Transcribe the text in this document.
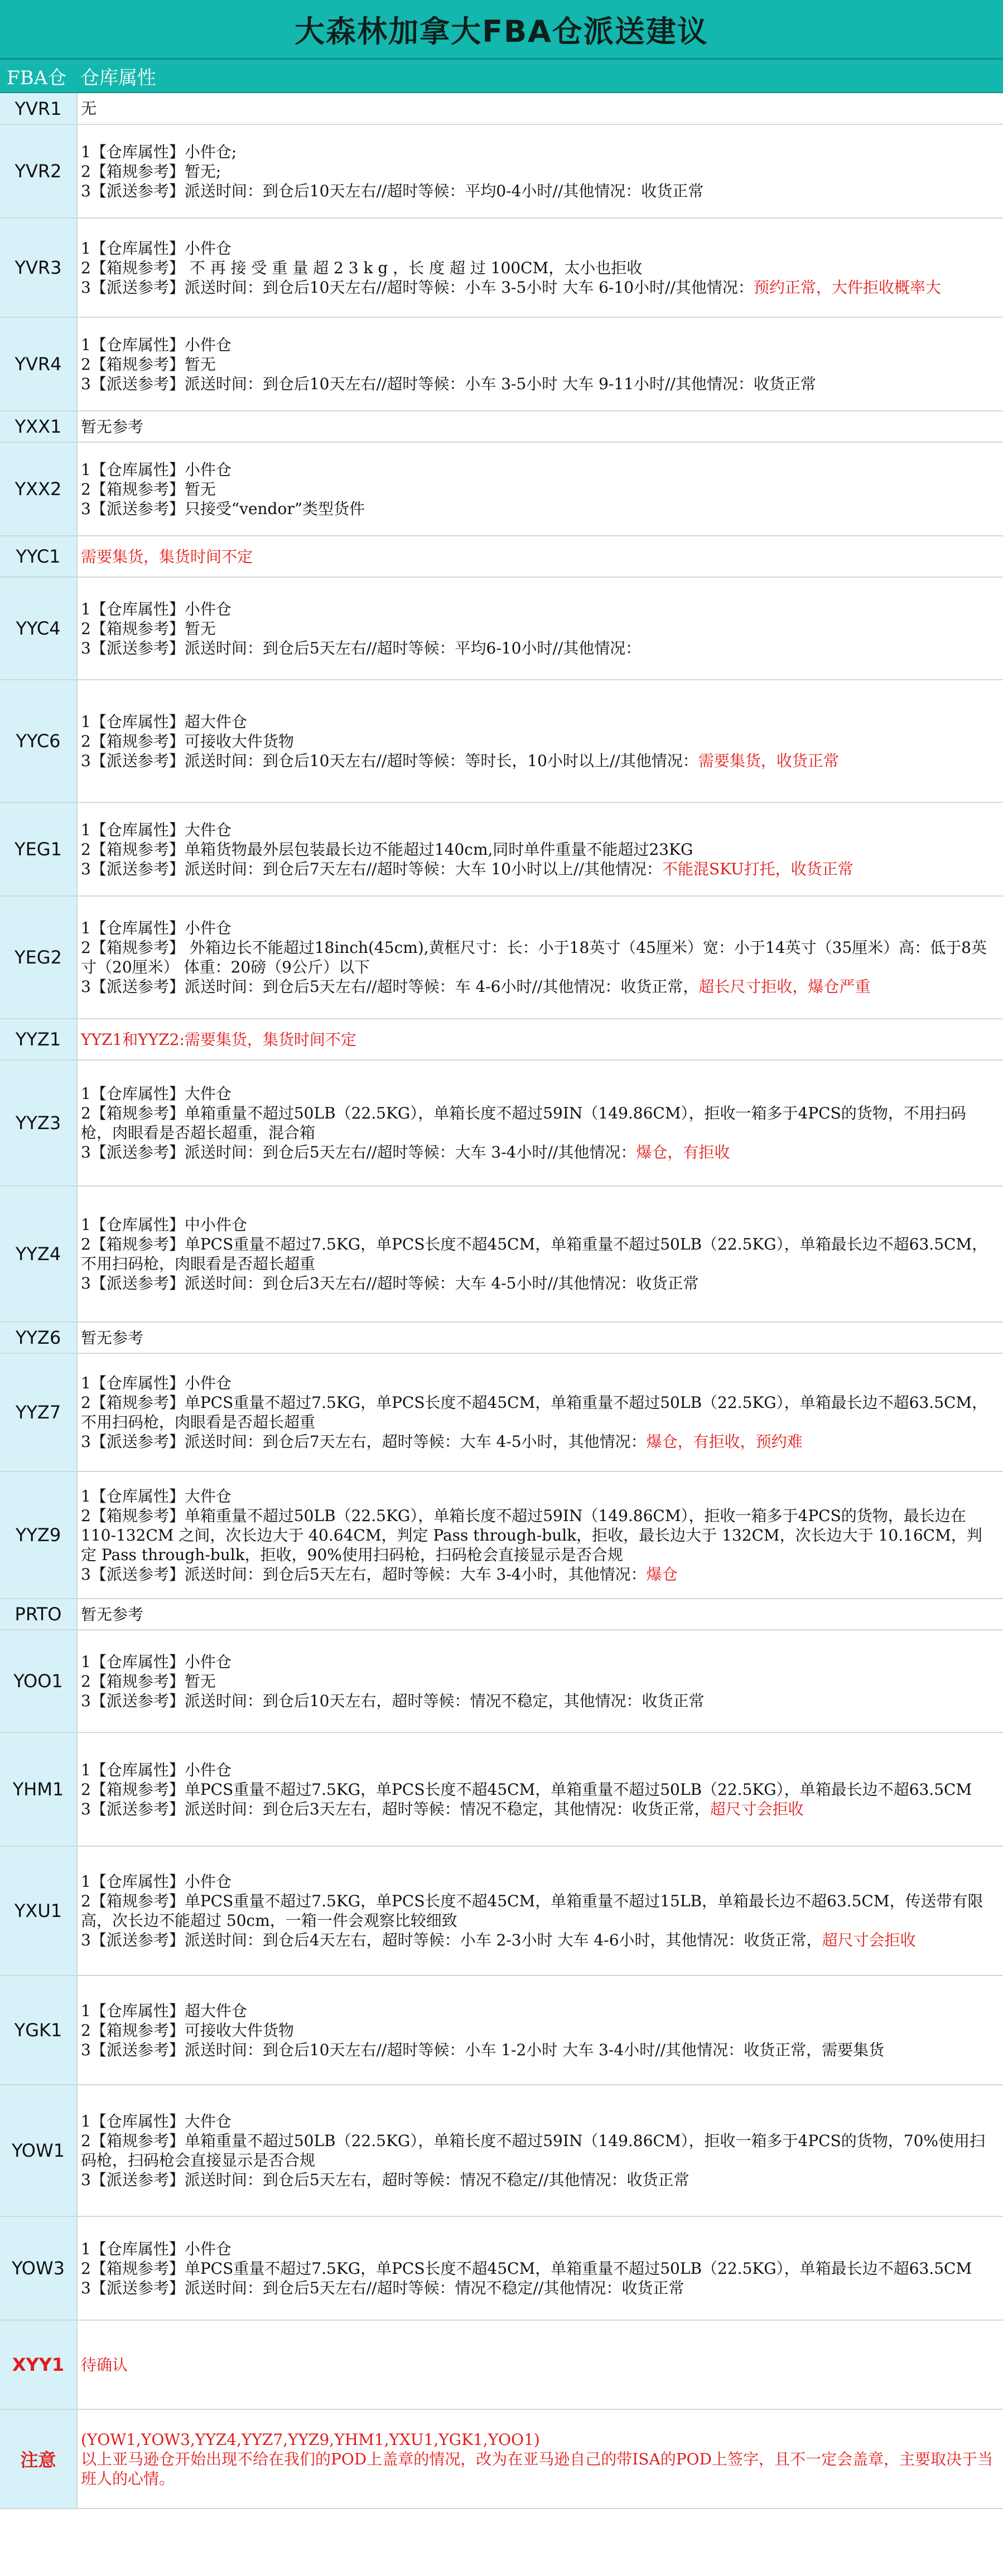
大森林加拿大FBA仓派送建议
FBA仓 仓库属性
YVR1	无

YVR2	1【仓库属性】小件仓;
2【箱规参考】暂无;
3【派送参考】派送时间：到仓后10天左右//超时等候：平均0-4小时//其他情况：收货正常

YVR3	1【仓库属性】小件仓
2【箱规参考】 不 再 接 受 重 量 超 2 3 k g ，长 度 超 过 100CM，太小也拒收
3【派送参考】派送时间：到仓后10天左右//超时等候：小车 3-5小时 大车 6-10小时//其他情况：预约正常，大件拒收概率大

YVR4	1【仓库属性】小件仓
2【箱规参考】暂无
3【派送参考】派送时间：到仓后10天左右//超时等候：小车 3-5小时 大车 9-11小时//其他情况：收货正常

YXX1	暂无参考

YXX2	1【仓库属性】小件仓
2【箱规参考】暂无
3【派送参考】只接受“vendor”类型货件

YYC1	需要集货，集货时间不定

YYC4	1【仓库属性】小件仓
2【箱规参考】暂无
3【派送参考】派送时间：到仓后5天左右//超时等候：平均6-10小时//其他情况：

YYC6	1【仓库属性】超大件仓
2【箱规参考】可接收大件货物
3【派送参考】派送时间：到仓后10天左右//超时等候：等时长，10小时以上//其他情况：需要集货，收货正常

YEG1	1【仓库属性】大件仓
2【箱规参考】单箱货物最外层包装最长边不能超过140cm,同时单件重量不能超过23KG
3【派送参考】派送时间：到仓后7天左右//超时等候：大车 10小时以上//其他情况：不能混SKU打托，收货正常

YEG2	1【仓库属性】小件仓
2【箱规参考】 外箱边长不能超过18inch(45cm),黄框尺寸：长：小于18英寸（45厘米）宽：小于14英寸（35厘米）高：低于8英寸（20厘米） 体重：20磅（9公斤）以下
3【派送参考】派送时间：到仓后5天左右//超时等候：车 4-6小时//其他情况：收货正常，超长尺寸拒收，爆仓严重

YYZ1	YYZ1和YYZ2:需要集货，集货时间不定

YYZ3	1【仓库属性】大件仓
2【箱规参考】单箱重量不超过50LB（22.5KG），单箱长度不超过59IN（149.86CM），拒收一箱多于4PCS的货物，不用扫码枪，肉眼看是否超长超重，混合箱
3【派送参考】派送时间：到仓后5天左右//超时等候：大车 3-4小时//其他情况：爆仓，有拒收

YYZ4	1【仓库属性】中小件仓
2【箱规参考】单PCS重量不超过7.5KG，单PCS长度不超45CM，单箱重量不超过50LB（22.5KG），单箱最长边不超63.5CM，不用扫码枪，肉眼看是否超长超重
3【派送参考】派送时间：到仓后3天左右//超时等候：大车 4-5小时//其他情况：收货正常

YYZ6	暂无参考

YYZ7	1【仓库属性】小件仓
2【箱规参考】单PCS重量不超过7.5KG，单PCS长度不超45CM，单箱重量不超过50LB（22.5KG），单箱最长边不超63.5CM，不用扫码枪，肉眼看是否超长超重
3【派送参考】派送时间：到仓后7天左右，超时等候：大车 4-5小时，其他情况：爆仓，有拒收，预约难

YYZ9	1【仓库属性】大件仓
2【箱规参考】单箱重量不超过50LB（22.5KG），单箱长度不超过59IN（149.86CM），拒收一箱多于4PCS的货物，最长边在 110-132CM 之间，次长边大于 40.64CM，判定 Pass through-bulk，拒收，最长边大于 132CM，次长边大于 10.16CM，判定 Pass through-bulk，拒收，90%使用扫码枪，扫码枪会直接显示是否合规
3【派送参考】派送时间：到仓后5天左右，超时等候：大车 3-4小时，其他情况：爆仓

PRTO	暂无参考

YOO1	1【仓库属性】小件仓
2【箱规参考】暂无
3【派送参考】派送时间：到仓后10天左右，超时等候：情况不稳定，其他情况：收货正常

YHM1	1【仓库属性】小件仓
2【箱规参考】单PCS重量不超过7.5KG，单PCS长度不超45CM，单箱重量不超过50LB（22.5KG），单箱最长边不超63.5CM
3【派送参考】派送时间：到仓后3天左右，超时等候：情况不稳定，其他情况：收货正常，超尺寸会拒收

YXU1	1【仓库属性】小件仓
2【箱规参考】单PCS重量不超过7.5KG，单PCS长度不超45CM，单箱重量不超过15LB，单箱最长边不超63.5CM，传送带有限高，次长边不能超过 50cm，一箱一件会观察比较细致
3【派送参考】派送时间：到仓后4天左右，超时等候：小车 2-3小时 大车 4-6小时，其他情况：收货正常，超尺寸会拒收

YGK1	1【仓库属性】超大件仓
2【箱规参考】可接收大件货物
3【派送参考】派送时间：到仓后10天左右//超时等候：小车 1-2小时 大车 3-4小时//其他情况：收货正常，需要集货

YOW1	1【仓库属性】大件仓
2【箱规参考】单箱重量不超过50LB（22.5KG），单箱长度不超过59IN（149.86CM），拒收一箱多于4PCS的货物，70%使用扫码枪，扫码枪会直接显示是否合规
3【派送参考】派送时间：到仓后5天左右，超时等候：情况不稳定//其他情况：收货正常

YOW3	1【仓库属性】小件仓
2【箱规参考】单PCS重量不超过7.5KG，单PCS长度不超45CM，单箱重量不超过50LB（22.5KG），单箱最长边不超63.5CM
3【派送参考】派送时间：到仓后5天左右//超时等候：情况不稳定//其他情况：收货正常

XYY1	待确认

注意	(YOW1,YOW3,YYZ4,YYZ7,YYZ9,YHM1,YXU1,YGK1,YOO1)
以上亚马逊仓开始出现不给在我们的POD上盖章的情况，改为在亚马逊自己的带ISA的POD上签字，且不一定会盖章，主要取决于当班人的心情。
